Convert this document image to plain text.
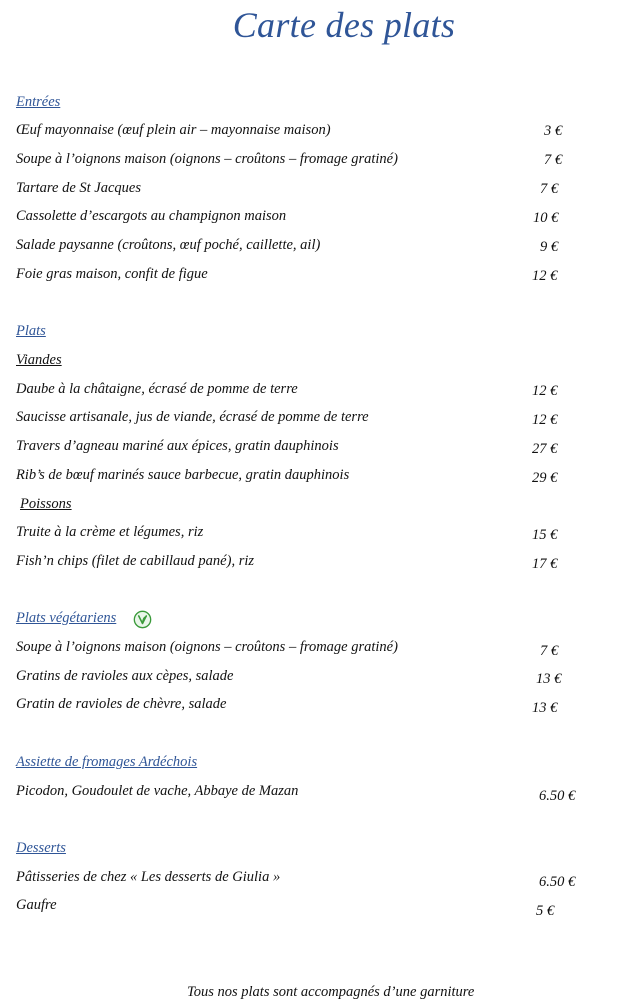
Carte des plats
Entrées
Œuf mayonnaise (œuf plein air – mayonnaise maison)	3 €
Soupe à l’oignons maison (oignons – croûtons – fromage gratiné)	7 €
Tartare de St Jacques	7 €
Cassolette d’escargots au champignon maison	10 €
Salade paysanne (croûtons, œuf poché, caillette, ail)	9 €
Foie gras maison, confit de figue	12 €
Plats
Viandes
Daube à la châtaigne, écrasé de pomme de terre	12 €
Saucisse artisanale, jus de viande, écrasé de pomme de terre	12 €
Travers d’agneau mariné aux épices, gratin dauphinois	27 €
Rib’s de bœuf marinés sauce barbecue, gratin dauphinois	29 €
Poissons
Truite à la crème et légumes, riz	15 €
Fish’n chips (filet de cabillaud pané), riz	17 €
Plats végétariens
Soupe à l’oignons maison (oignons – croûtons – fromage gratiné)	7 €
Gratins de ravioles aux cèpes, salade	13 €
Gratin de ravioles de chèvre, salade	13 €
Assiette de fromages Ardéchois
Picodon, Goudoulet de vache, Abbaye de Mazan	6.50 €
Desserts
Pâtisseries de chez « Les desserts de Giulia »	6.50 €
Gaufre	5 €
Tous nos plats sont accompagnés d’une garniture
